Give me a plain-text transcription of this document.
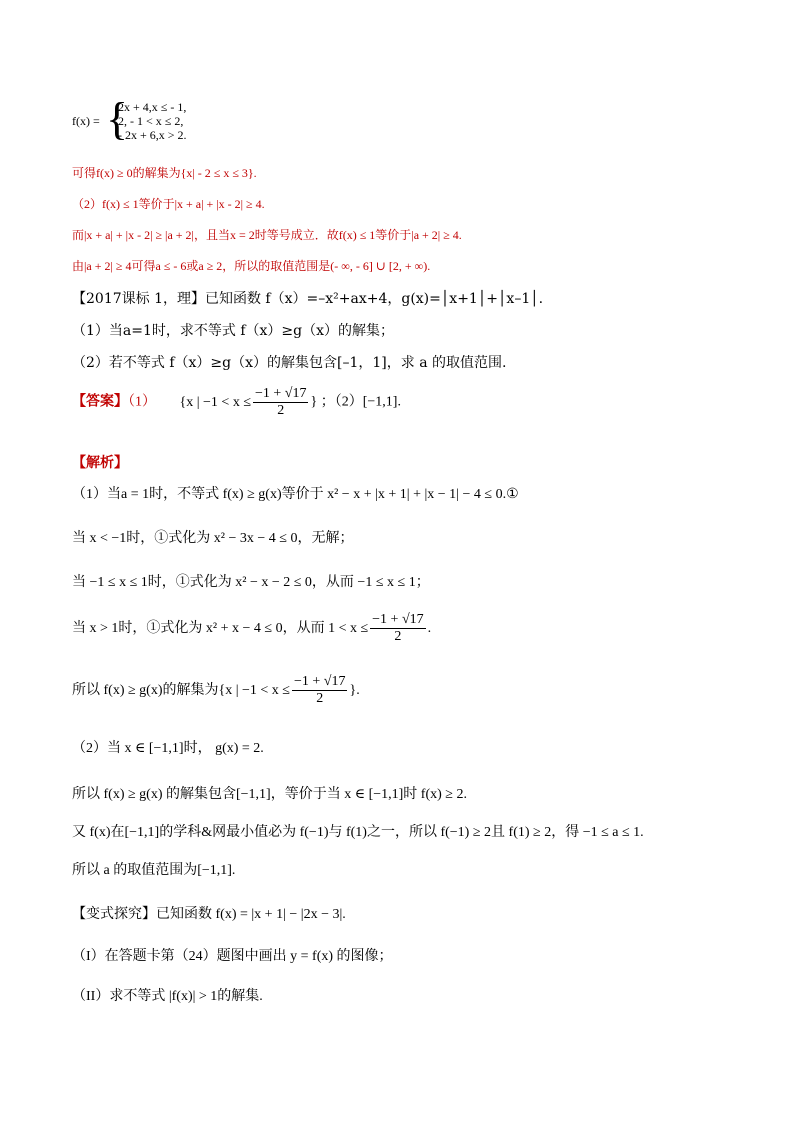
f(x) = {
2x + 4,x ≤ - 1,
2, - 1 < x ≤ 2,
- 2x + 6,x > 2.
可得f(x) ≥ 0的解集为{x| - 2 ≤ x ≤ 3}.
（2）f(x) ≤ 1等价于|x + a| + |x - 2| ≥ 4.
而|x + a| + |x - 2| ≥ |a + 2|，且当x = 2时等号成立．故f(x) ≤ 1等价于|a + 2| ≥ 4.
由|a + 2| ≥ 4可得a ≤ - 6或a ≥ 2，所以的取值范围是(- ∞, - 6] ∪ [2, + ∞).
【2017课标 1，理】已知函数 f（x）=–x²+ax+4，g(x)=│x+1│+│x–1│.
（1）当a=1时，求不等式 f（x）≥g（x）的解集；
（2）若不等式 f（x）≥g（x）的解集包含[–1，1]，求 a 的取值范围.
【答案】（1） {x | $-1 < x \le \frac{-1 + √17}{2}$ } ；（2）[−1,1].
【解析】
（1）当a = 1时，不等式 f(x) ≥ g(x)等价于 x² − x + |x + 1| + |x − 1| − 4 ≤ 0.①
当 x < −1时，①式化为 x² − 3x − 4 ≤ 0，无解；
当 −1 ≤ x ≤ 1时，①式化为 x² − x − 2 ≤ 0，从而 −1 ≤ x ≤ 1；
当 x > 1时，①式化为 x² + x − 4 ≤ 0，从而 $1 < x \le \frac{-1 + √17}{2}$ .
所以 f(x) ≥ g(x)的解集为{x | $-1 < x \le \frac{-1 + √17}{2}$ }.
（2）当 x ∈ [−1,1]时， g(x) = 2.
所以 f(x) ≥ g(x) 的解集包含[−1,1]，等价于当 x ∈ [−1,1]时 f(x) ≥ 2.
又 f(x)在[−1,1]的学科&网最小值必为 f(−1)与 f(1)之一，所以 f(−1) ≥ 2且 f(1) ≥ 2，得 −1 ≤ a ≤ 1.
所以 a 的取值范围为[−1,1].
【变式探究】已知函数 f(x) = |x + 1| − |2x − 3|.
（I）在答题卡第（24）题图中画出 y = f(x) 的图像；
（II）求不等式 |f(x)| > 1的解集.
